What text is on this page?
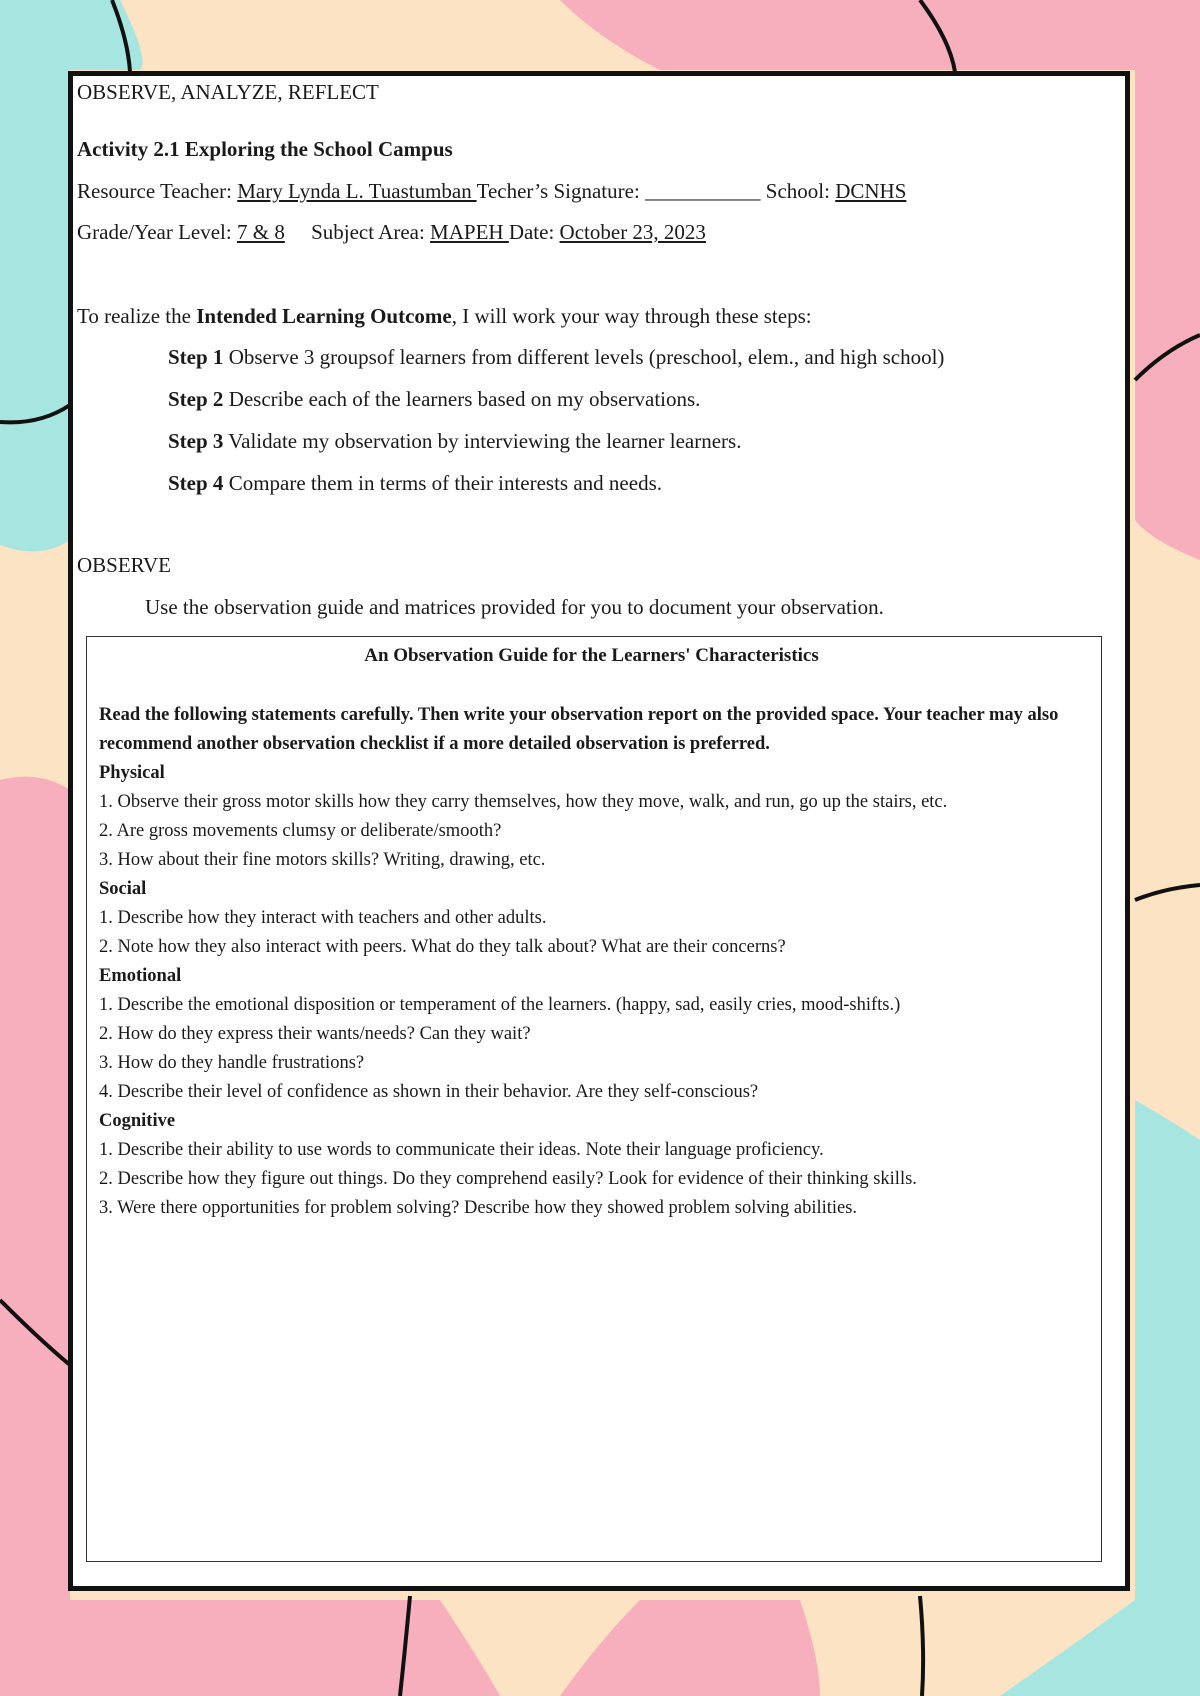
OBSERVE, ANALYZE, REFLECT
Activity 2.1 Exploring the School Campus
Resource Teacher: Mary Lynda L. Tuastumban Techer’s Signature: ___________ School: DCNHS
Grade/Year Level: 7 & 8 Subject Area: MAPEH Date: October 23, 2023
To realize the Intended Learning Outcome, I will work your way through these steps:
Step 1 Observe 3 groupsof learners from different levels (preschool, elem., and high school)
Step 2 Describe each of the learners based on my observations.
Step 3 Validate my observation by interviewing the learner learners.
Step 4 Compare them in terms of their interests and needs.
OBSERVE
Use the observation guide and matrices provided for you to document your observation.
An Observation Guide for the Learners' Characteristics
Read the following statements carefully. Then write your observation report on the provided space. Your teacher may also recommend another observation checklist if a more detailed observation is preferred.
Physical
1. Observe their gross motor skills how they carry themselves, how they move, walk, and run, go up the stairs, etc.
2. Are gross movements clumsy or deliberate/smooth?
3. How about their fine motors skills? Writing, drawing, etc.
Social
1. Describe how they interact with teachers and other adults.
2. Note how they also interact with peers. What do they talk about? What are their concerns?
Emotional
1. Describe the emotional disposition or temperament of the learners. (happy, sad, easily cries, mood-shifts.)
2. How do they express their wants/needs? Can they wait?
3. How do they handle frustrations?
4. Describe their level of confidence as shown in their behavior. Are they self-conscious?
Cognitive
1. Describe their ability to use words to communicate their ideas. Note their language proficiency.
2. Describe how they figure out things. Do they comprehend easily? Look for evidence of their thinking skills.
3. Were there opportunities for problem solving? Describe how they showed problem solving abilities.
